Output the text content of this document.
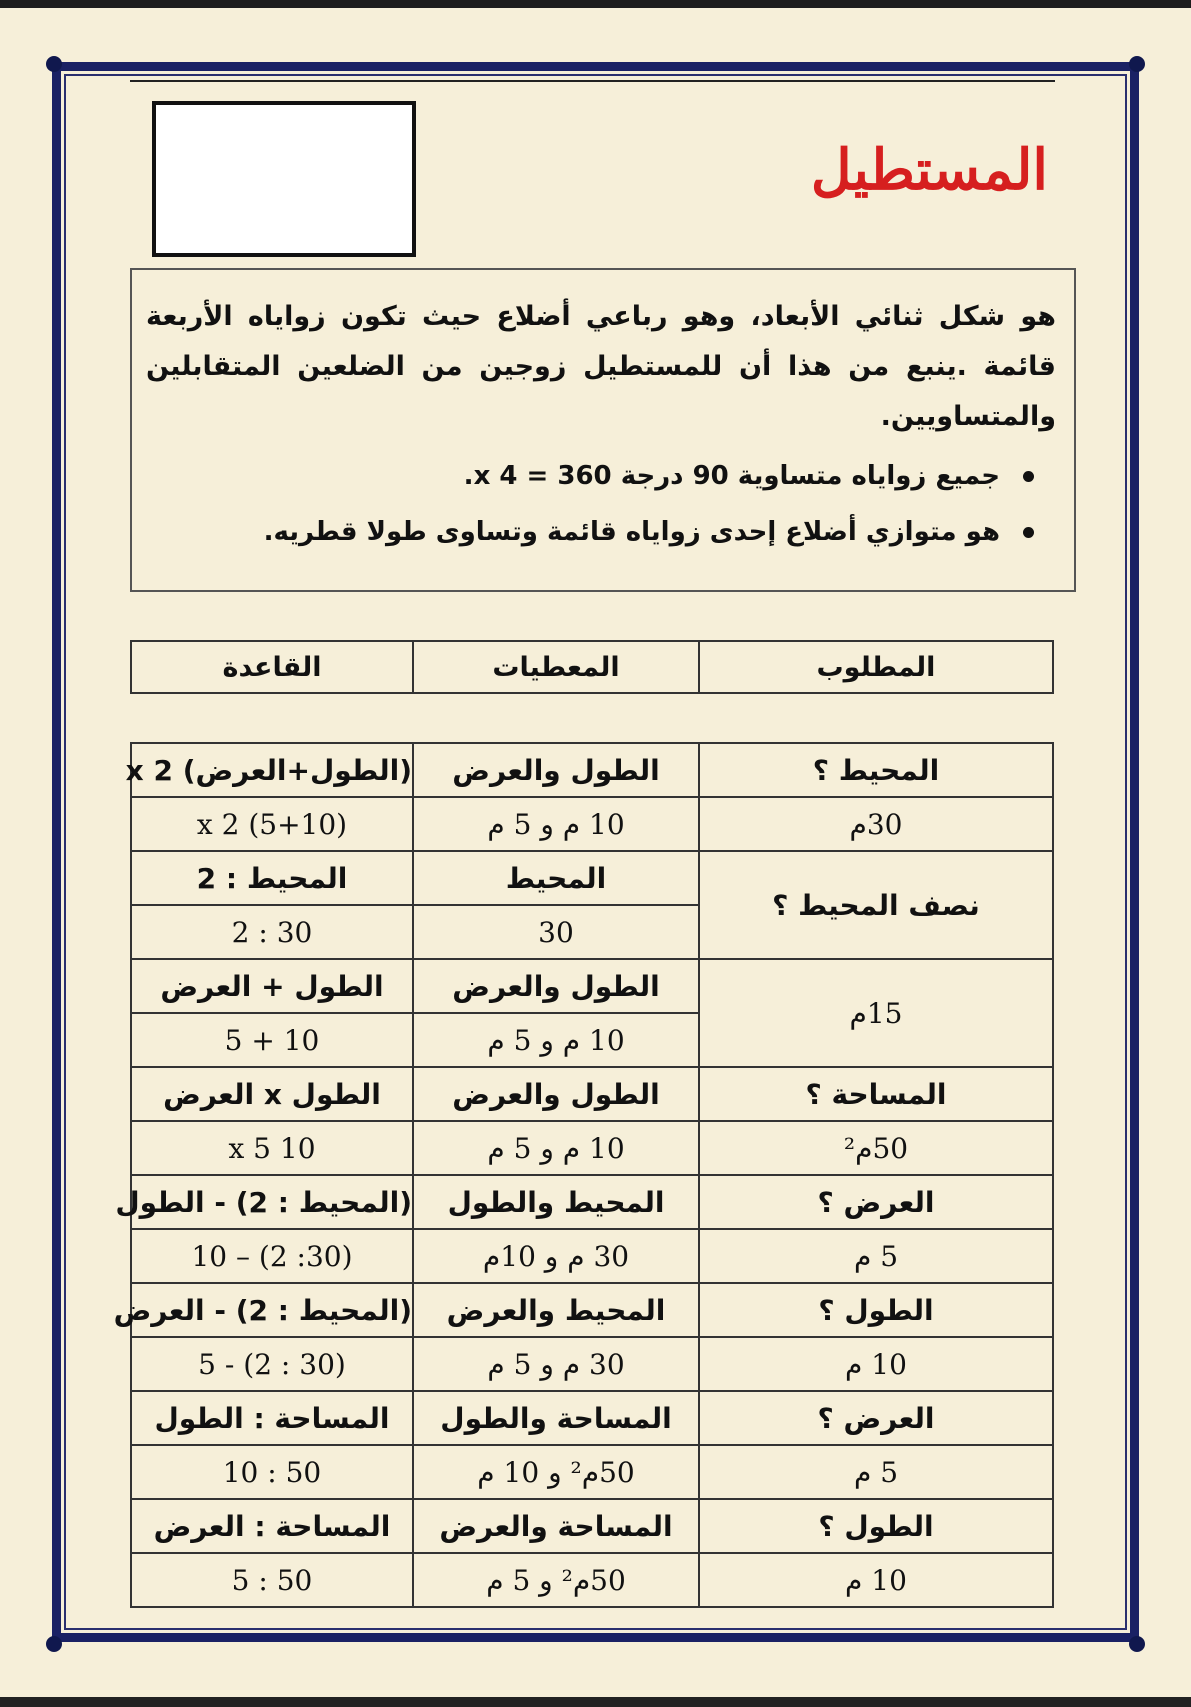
المستطيل

هو شكل ثنائي الأبعاد، وهو رباعي أضلاع حيث تكون زواياه الأربعة قائمة .ينبع من هذا أن للمستطيل زوجين من الضلعين المتقابلين والمتساويين.

جميع زواياه متساوية 90 درجة x 4 = 360.
هو متوازي أضلاع إحدى زواياه قائمة وتساوى طولا قطريه.
المطلوب	المعطيات	القاعدة
المحيط ؟	الطول والعرض	(الطول+العرض) x 2
30م	10 م و 5 م	(5+10) x 2
نصف المحيط ؟	المحيط	المحيط : 2
	30	30 : 2
15م	الطول والعرض	الطول + العرض
	10 م و 5 م	10 + 5
المساحة ؟	الطول والعرض	الطول x العرض
50م²	10 م و 5 م	10 x 5
العرض ؟	المحيط والطول	(المحيط : 2) - الطول
5 م	30 م و 10م	(30: 2) – 10
الطول ؟	المحيط والعرض	(المحيط : 2) - العرض
10 م	30 م و 5 م	(30 : 2) - 5
العرض ؟	المساحة والطول	المساحة : الطول
5 م	50م² و 10 م	50 : 10
الطول ؟	المساحة والعرض	المساحة : العرض
10 م	50م² و 5 م	50 : 5
